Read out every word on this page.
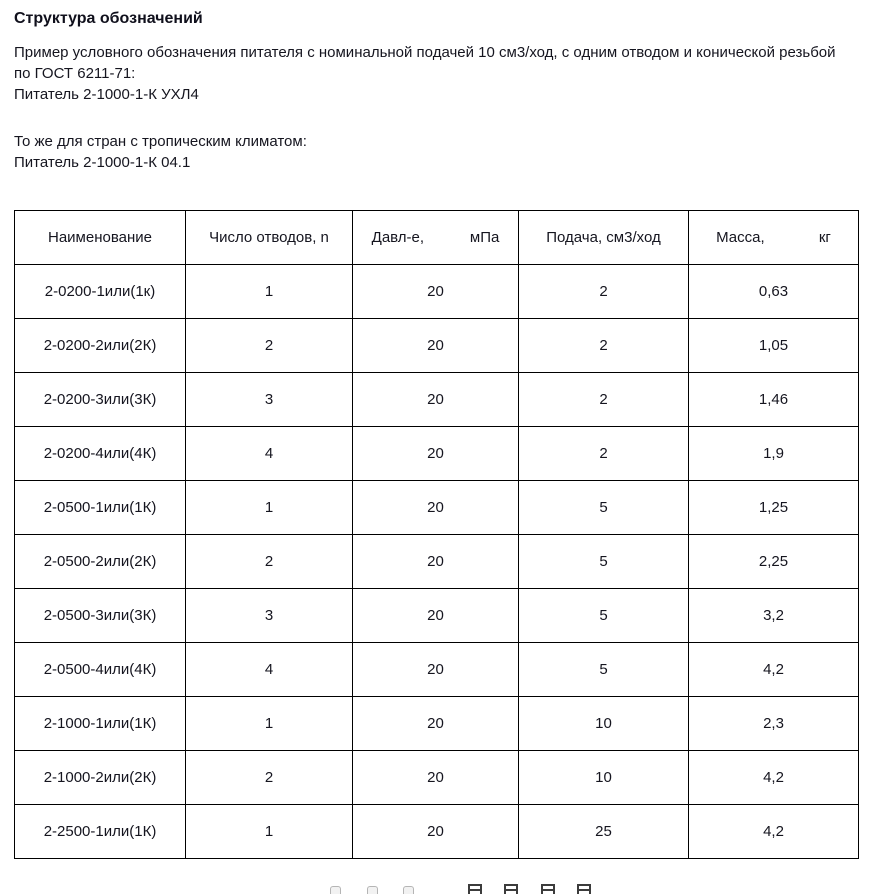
Структура обозначений

Пример условного обозначения питателя с номинальной подачей 10 см3/ход, с одним отводом и конической резьбой по ГОСТ 6211-71:
Питатель 2-1000-1-К УХЛ4

То же для стран с тропическим климатом:
Питатель 2-1000-1-К 04.1

Наименование	Число отводов, n	Давл-е,           мПа	Подача, см3/ход	Масса,             кг
2-0200-1или(1к)	1	20	2	0,63
2-0200-2или(2К)	2	20	2	1,05
2-0200-3или(3К)	3	20	2	1,46
2-0200-4или(4К)	4	20	2	1,9
2-0500-1или(1К)	1	20	5	1,25
2-0500-2или(2К)	2	20	5	2,25
2-0500-3или(3К)	3	20	5	3,2
2-0500-4или(4К)	4	20	5	4,2
2-1000-1или(1К)	1	20	10	2,3
2-1000-2или(2К)	2	20	10	4,2
2-2500-1или(1К)	1	20	25	4,2
